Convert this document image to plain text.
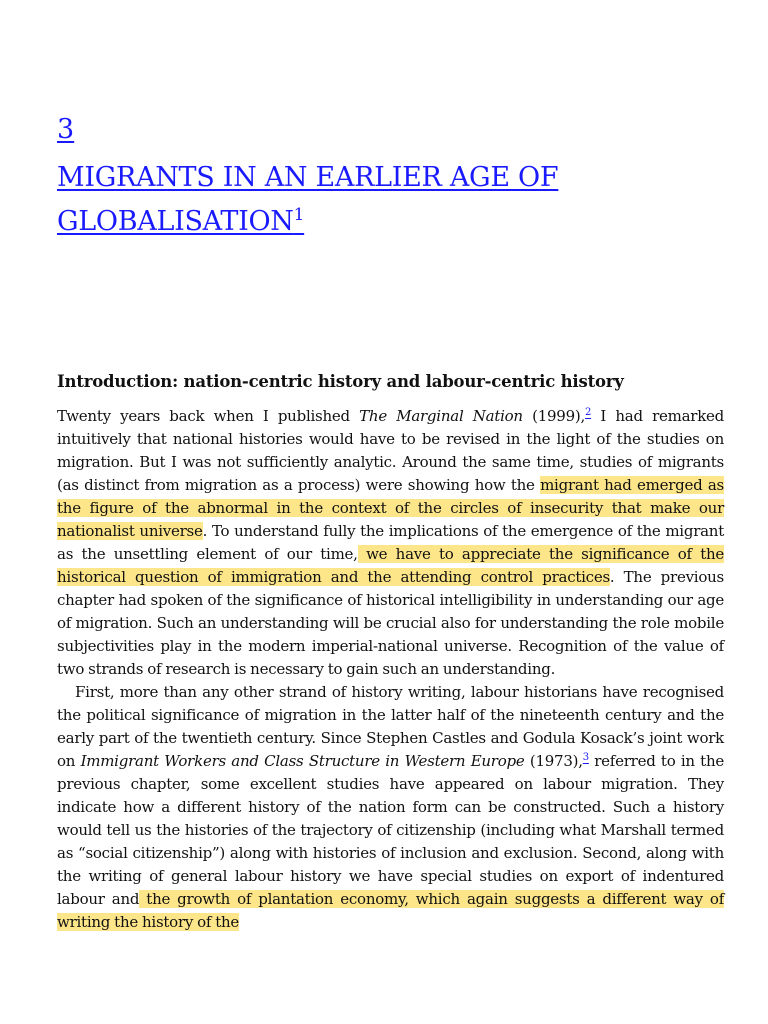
3
MIGRANTS IN AN EARLIER AGE OF GLOBALISATION$^1$
Introduction: nation-centric history and labour-centric history

Twenty years back when I published The Marginal Nation (1999),$^2$ I had remarked intuitively that national histories would have to be revised in the light of the studies on migration. But I was not sufficiently analytic. Around the same time, studies of migrants (as distinct from migration as a process) were showing how the migrant had emerged as the figure of the abnormal in the context of the circles of insecurity that make our nationalist universe. To understand fully the implications of the emergence of the migrant as the unsettling element of our time, we have to appreciate the significance of the historical question of immigration and the attending control practices. The previous chapter had spoken of the significance of historical intelligibility in understanding our age of migration. Such an understanding will be crucial also for understanding the role mobile subjectivities play in the modern imperial-national universe. Recognition of the value of two strands of research is necessary to gain such an understanding.

First, more than any other strand of history writing, labour historians have recognised the political significance of migration in the latter half of the nineteenth century and the early part of the twentieth century. Since Stephen Castles and Godula Kosack’s joint work on Immigrant Workers and Class Structure in Western Europe (1973),$^3$ referred to in the previous chapter, some excellent studies have appeared on labour migration. They indicate how a different history of the nation form can be constructed. Such a history would tell us the histories of the trajectory of citizenship (including what Marshall termed as “social citizenship”) along with histories of inclusion and exclusion. Second, along with the writing of general labour history we have special studies on export of indentured labour and the growth of plantation economy, which again suggests a different way of writing the history of the
